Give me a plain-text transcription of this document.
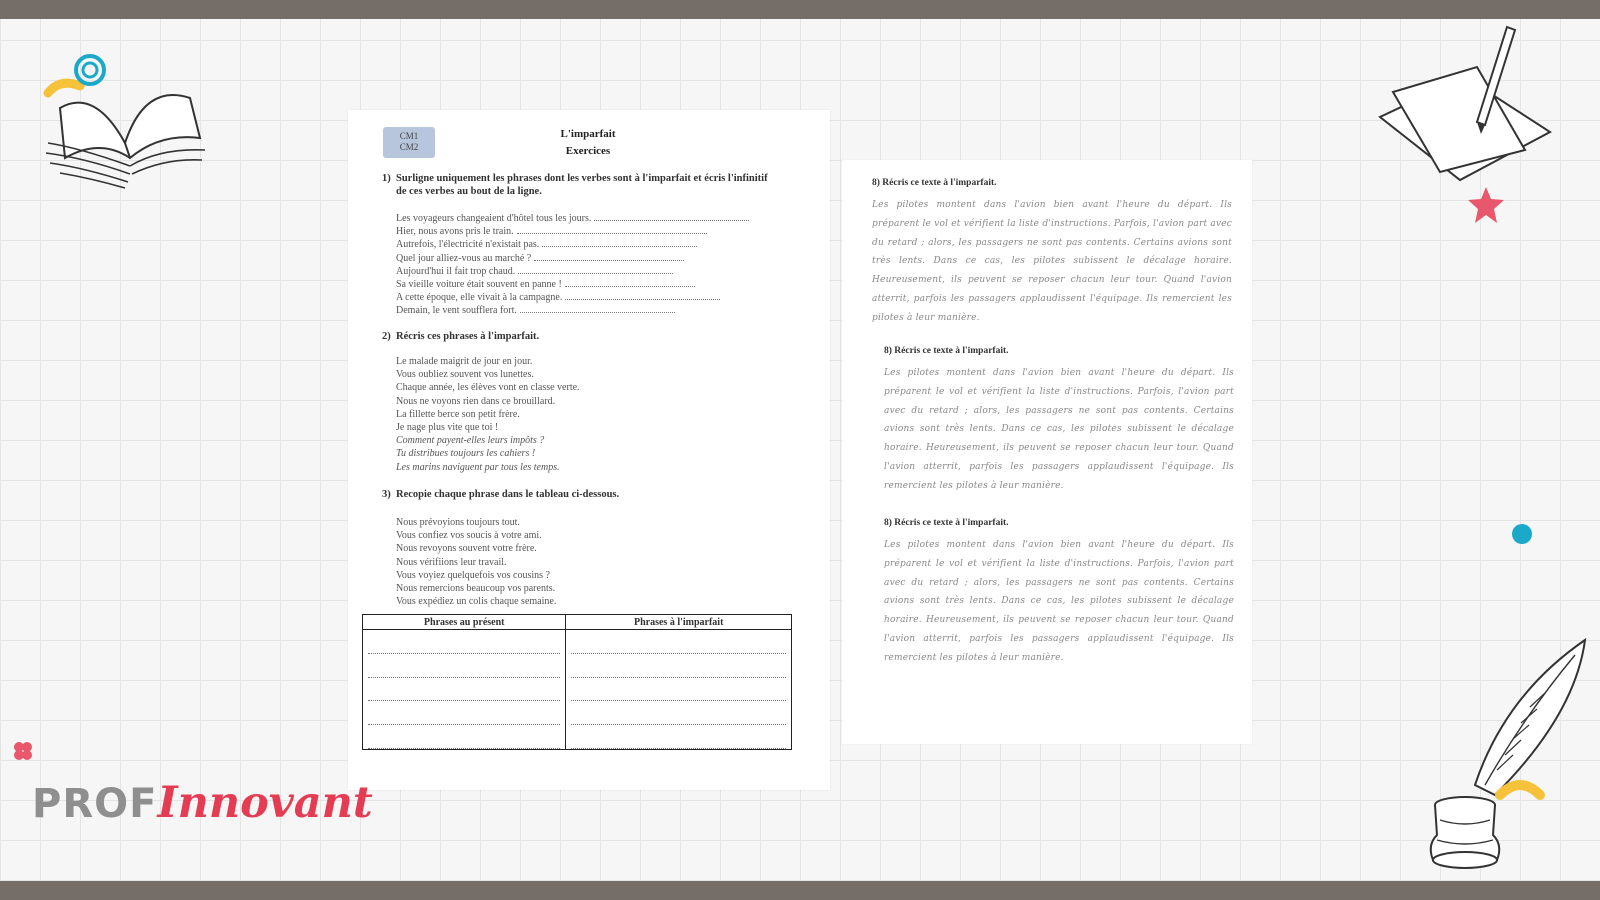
CM1
CM2
L'imparfait
Exercices
1) Surligne uniquement les phrases dont les verbes sont à l'imparfait et écris l'infinitif
de ces verbes au bout de la ligne.
Les voyageurs changeaient d'hôtel tous les jours.
Hier, nous avons pris le train.
Autrefois, l'électricité n'existait pas.
Quel jour alliez-vous au marché ?
Aujourd'hui il fait trop chaud.
Sa vieille voiture était souvent en panne !
A cette époque, elle vivait à la campagne.
Demain, le vent soufflera fort.
2) Récris ces phrases à l'imparfait.
Le malade maigrit de jour en jour.
Vous oubliez souvent vos lunettes.
Chaque année, les élèves vont en classe verte.
Nous ne voyons rien dans ce brouillard.
La fillette berce son petit frère.
Je nage plus vite que toi !
Comment payent-elles leurs impôts ?
Tu distribues toujours les cahiers !
Les marins naviguent par tous les temps.
3) Recopie chaque phrase dans le tableau ci-dessous.
Nous prévoyions toujours tout.
Vous confiez vos soucis à votre ami.
Nous revoyons souvent votre frère.
Nous vérifiions leur travail.
Vous voyiez quelquefois vos cousins ?
Nous remercions beaucoup vos parents.
Vous expédiez un colis chaque semaine.
Phrases au présent	Phrases à l'imparfait

8) Récris ce texte à l'imparfait.
Les pilotes montent dans l'avion bien avant l'heure du départ. Ils préparent le vol et vérifient la liste d'instructions. Parfois, l'avion part avec du retard ; alors, les passagers ne sont pas contents. Certains avions sont très lents. Dans ce cas, les pilotes subissent le décalage horaire. Heureusement, ils peuvent se reposer chacun leur tour. Quand l'avion atterrit, parfois les passagers applaudissent l'équipage. Ils remercient les pilotes à leur manière.
8) Récris ce texte à l'imparfait.
Les pilotes montent dans l'avion bien avant l'heure du départ. Ils préparent le vol et vérifient la liste d'instructions. Parfois, l'avion part avec du retard ; alors, les passagers ne sont pas contents. Certains avions sont très lents. Dans ce cas, les pilotes subissent le décalage horaire. Heureusement, ils peuvent se reposer chacun leur tour. Quand l'avion atterrit, parfois les passagers applaudissent l'équipage. Ils remercient les pilotes à leur manière.
8) Récris ce texte à l'imparfait.
Les pilotes montent dans l'avion bien avant l'heure du départ. Ils préparent le vol et vérifient la liste d'instructions. Parfois, l'avion part avec du retard ; alors, les passagers ne sont pas contents. Certains avions sont très lents. Dans ce cas, les pilotes subissent le décalage horaire. Heureusement, ils peuvent se reposer chacun leur tour. Quand l'avion atterrit, parfois les passagers applaudissent l'équipage. Ils remercient les pilotes à leur manière.
PROFInnovant
